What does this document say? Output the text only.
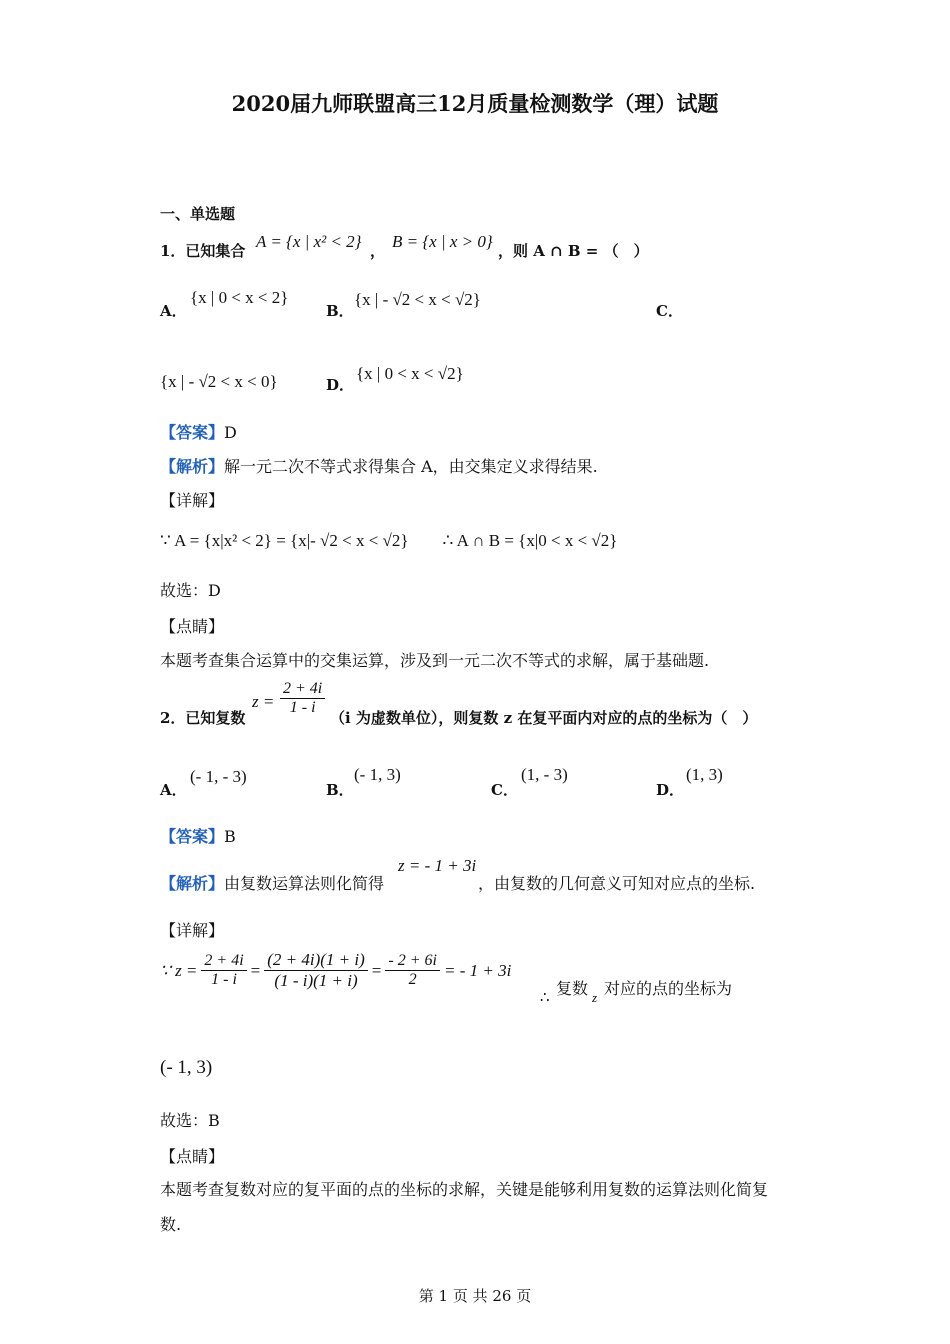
2020届九师联盟高三12月质量检测数学（理）试题
一、单选题
1．已知集合 A = {x | x² < 2} ， B = {x | x > 0} ，则 A ∩ B = （　）
A．
{x | 0 < x < 2}
B．
{x | - √2 < x < √2}
C．
{x | - √2 < x < 0}	D．
{x | 0 < x < √2}
【答案】D
【解析】解一元二次不等式求得集合 A，由交集定义求得结果.
【详解】
∵ A = {x|x² < 2} = {x|- √2 < x < √2}　　∴ A ∩ B = {x|0 < x < √2}
故选：D
【点睛】
本题考查集合运算中的交集运算，涉及到一元二次不等式的求解，属于基础题.
2．已知复数
$z = \frac{2 + 4i}{1 - i}$
（i 为虚数单位），则复数 z 在复平面内对应的点的坐标为（　）
A．
(- 1, - 3)
B．
(- 1, 3)
C．
(1, - 3)
D．
(1, 3)
【答案】B
【解析】由复数运算法则化简得
z = - 1 + 3i
，由复数的几何意义可知对应点的坐标.
【详解】
∵ $z = \frac{2 + 4i}{1 - i} = \frac{(2 + 4i)(1 + i)}{(1 - i)(1 + i)} = \frac{- 2 + 6i}{2}$ = - 1 + 3i
∴ 复数 z 对应的点的坐标为
(- 1, 3)
故选：B
【点睛】
本题考查复数对应的复平面的点的坐标的求解，关键是能够利用复数的运算法则化简复
数.
第 1 页 共 26 页
